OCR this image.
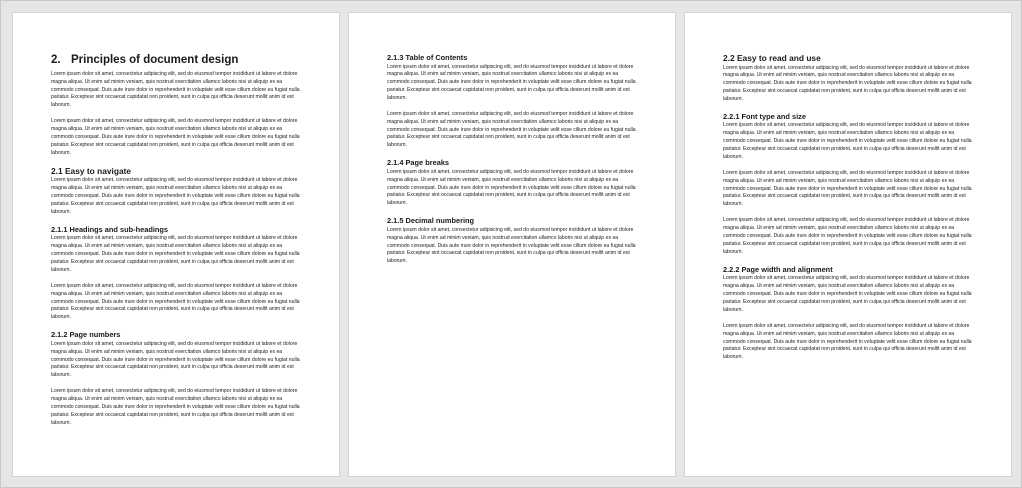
2. Principles of document design

Lorem ipsum dolor sit amet, consectetur adipiscing elit, sed do eiusmod tempor incididunt ut labore et dolore magna aliqua. Ut enim ad minim veniam, quis nostrud exercitation ullamco laboris nisi ut aliquip ex ea commodo consequat. Duis aute irure dolor in reprehenderit in voluptate velit esse cillum dolore eu fugiat nulla pariatur. Excepteur sint occaecat cupidatat non proident, sunt in culpa qui officia deserunt mollit anim id est laborum.

Lorem ipsum dolor sit amet, consectetur adipiscing elit, sed do eiusmod tempor incididunt ut labore et dolore magna aliqua. Ut enim ad minim veniam, quis nostrud exercitation ullamco laboris nisi ut aliquip ex ea commodo consequat. Duis aute irure dolor in reprehenderit in voluptate velit esse cillum dolore eu fugiat nulla pariatur. Excepteur sint occaecat cupidatat non proident, sunt in culpa qui officia deserunt mollit anim id est laborum.

2.1 Easy to navigate

Lorem ipsum dolor sit amet, consectetur adipiscing elit, sed do eiusmod tempor incididunt ut labore et dolore magna aliqua. Ut enim ad minim veniam, quis nostrud exercitation ullamco laboris nisi ut aliquip ex ea commodo consequat. Duis aute irure dolor in reprehenderit in voluptate velit esse cillum dolore eu fugiat nulla pariatur. Excepteur sint occaecat cupidatat non proident, sunt in culpa qui officia deserunt mollit anim id est laborum.

2.1.1 Headings and sub-headings

Lorem ipsum dolor sit amet, consectetur adipiscing elit, sed do eiusmod tempor incididunt ut labore et dolore magna aliqua. Ut enim ad minim veniam, quis nostrud exercitation ullamco laboris nisi ut aliquip ex ea commodo consequat. Duis aute irure dolor in reprehenderit in voluptate velit esse cillum dolore eu fugiat nulla pariatur. Excepteur sint occaecat cupidatat non proident, sunt in culpa qui officia deserunt mollit anim id est laborum.

Lorem ipsum dolor sit amet, consectetur adipiscing elit, sed do eiusmod tempor incididunt ut labore et dolore magna aliqua. Ut enim ad minim veniam, quis nostrud exercitation ullamco laboris nisi ut aliquip ex ea commodo consequat. Duis aute irure dolor in reprehenderit in voluptate velit esse cillum dolore eu fugiat nulla pariatur. Excepteur sint occaecat cupidatat non proident, sunt in culpa qui officia deserunt mollit anim id est laborum.

2.1.2 Page numbers

Lorem ipsum dolor sit amet, consectetur adipiscing elit, sed do eiusmod tempor incididunt ut labore et dolore magna aliqua. Ut enim ad minim veniam, quis nostrud exercitation ullamco laboris nisi ut aliquip ex ea commodo consequat. Duis aute irure dolor in reprehenderit in voluptate velit esse cillum dolore eu fugiat nulla pariatur. Excepteur sint occaecat cupidatat non proident, sunt in culpa qui officia deserunt mollit anim id est laborum.

Lorem ipsum dolor sit amet, consectetur adipiscing elit, sed do eiusmod tempor incididunt ut labore et dolore magna aliqua. Ut enim ad minim veniam, quis nostrud exercitation ullamco laboris nisi ut aliquip ex ea commodo consequat. Duis aute irure dolor in reprehenderit in voluptate velit esse cillum dolore eu fugiat nulla pariatur. Excepteur sint occaecat cupidatat non proident, sunt in culpa qui officia deserunt mollit anim id est laborum.

2.1.3 Table of Contents

Lorem ipsum dolor sit amet, consectetur adipiscing elit, sed do eiusmod tempor incididunt ut labore et dolore magna aliqua. Ut enim ad minim veniam, quis nostrud exercitation ullamco laboris nisi ut aliquip ex ea commodo consequat. Duis aute irure dolor in reprehenderit in voluptate velit esse cillum dolore eu fugiat nulla pariatur. Excepteur sint occaecat cupidatat non proident, sunt in culpa qui officia deserunt mollit anim id est laborum.

Lorem ipsum dolor sit amet, consectetur adipiscing elit, sed do eiusmod tempor incididunt ut labore et dolore magna aliqua. Ut enim ad minim veniam, quis nostrud exercitation ullamco laboris nisi ut aliquip ex ea commodo consequat. Duis aute irure dolor in reprehenderit in voluptate velit esse cillum dolore eu fugiat nulla pariatur. Excepteur sint occaecat cupidatat non proident, sunt in culpa qui officia deserunt mollit anim id est laborum.

2.1.4 Page breaks

Lorem ipsum dolor sit amet, consectetur adipiscing elit, sed do eiusmod tempor incididunt ut labore et dolore magna aliqua. Ut enim ad minim veniam, quis nostrud exercitation ullamco laboris nisi ut aliquip ex ea commodo consequat. Duis aute irure dolor in reprehenderit in voluptate velit esse cillum dolore eu fugiat nulla pariatur. Excepteur sint occaecat cupidatat non proident, sunt in culpa qui officia deserunt mollit anim id est laborum.

2.1.5 Decimal numbering

Lorem ipsum dolor sit amet, consectetur adipiscing elit, sed do eiusmod tempor incididunt ut labore et dolore magna aliqua. Ut enim ad minim veniam, quis nostrud exercitation ullamco laboris nisi ut aliquip ex ea commodo consequat. Duis aute irure dolor in reprehenderit in voluptate velit esse cillum dolore eu fugiat nulla pariatur. Excepteur sint occaecat cupidatat non proident, sunt in culpa qui officia deserunt mollit anim id est laborum.

2.2 Easy to read and use

Lorem ipsum dolor sit amet, consectetur adipiscing elit, sed do eiusmod tempor incididunt ut labore et dolore magna aliqua. Ut enim ad minim veniam, quis nostrud exercitation ullamco laboris nisi ut aliquip ex ea commodo consequat. Duis aute irure dolor in reprehenderit in voluptate velit esse cillum dolore eu fugiat nulla pariatur. Excepteur sint occaecat cupidatat non proident, sunt in culpa qui officia deserunt mollit anim id est laborum.

2.2.1 Font type and size

Lorem ipsum dolor sit amet, consectetur adipiscing elit, sed do eiusmod tempor incididunt ut labore et dolore magna aliqua. Ut enim ad minim veniam, quis nostrud exercitation ullamco laboris nisi ut aliquip ex ea commodo consequat. Duis aute irure dolor in reprehenderit in voluptate velit esse cillum dolore eu fugiat nulla pariatur. Excepteur sint occaecat cupidatat non proident, sunt in culpa qui officia deserunt mollit anim id est laborum.

Lorem ipsum dolor sit amet, consectetur adipiscing elit, sed do eiusmod tempor incididunt ut labore et dolore magna aliqua. Ut enim ad minim veniam, quis nostrud exercitation ullamco laboris nisi ut aliquip ex ea commodo consequat. Duis aute irure dolor in reprehenderit in voluptate velit esse cillum dolore eu fugiat nulla pariatur. Excepteur sint occaecat cupidatat non proident, sunt in culpa qui officia deserunt mollit anim id est laborum.

Lorem ipsum dolor sit amet, consectetur adipiscing elit, sed do eiusmod tempor incididunt ut labore et dolore magna aliqua. Ut enim ad minim veniam, quis nostrud exercitation ullamco laboris nisi ut aliquip ex ea commodo consequat. Duis aute irure dolor in reprehenderit in voluptate velit esse cillum dolore eu fugiat nulla pariatur. Excepteur sint occaecat cupidatat non proident, sunt in culpa qui officia deserunt mollit anim id est laborum.

2.2.2 Page width and alignment

Lorem ipsum dolor sit amet, consectetur adipiscing elit, sed do eiusmod tempor incididunt ut labore et dolore magna aliqua. Ut enim ad minim veniam, quis nostrud exercitation ullamco laboris nisi ut aliquip ex ea commodo consequat. Duis aute irure dolor in reprehenderit in voluptate velit esse cillum dolore eu fugiat nulla pariatur. Excepteur sint occaecat cupidatat non proident, sunt in culpa qui officia deserunt mollit anim id est laborum.

Lorem ipsum dolor sit amet, consectetur adipiscing elit, sed do eiusmod tempor incididunt ut labore et dolore magna aliqua. Ut enim ad minim veniam, quis nostrud exercitation ullamco laboris nisi ut aliquip ex ea commodo consequat. Duis aute irure dolor in reprehenderit in voluptate velit esse cillum dolore eu fugiat nulla pariatur. Excepteur sint occaecat cupidatat non proident, sunt in culpa qui officia deserunt mollit anim id est laborum.
